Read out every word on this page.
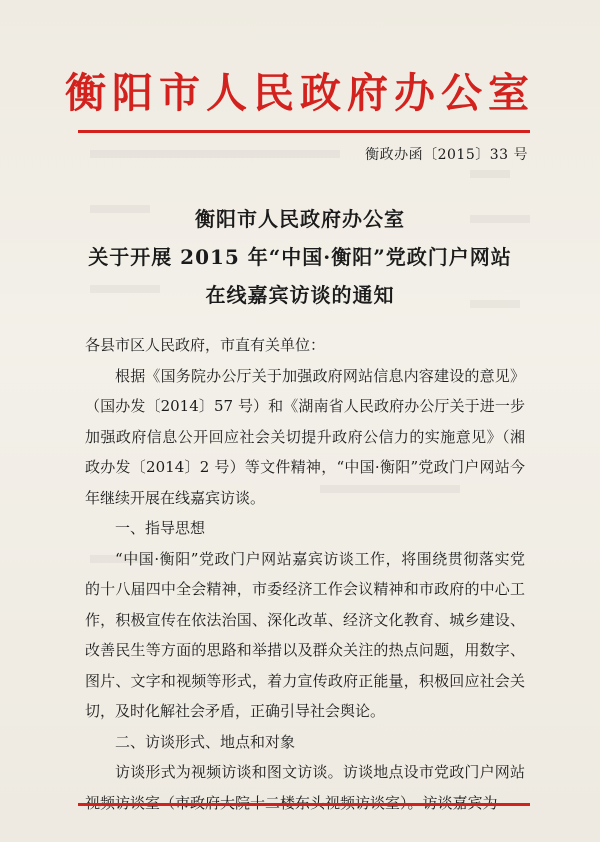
衡阳市人民政府办公室
衡政办函〔2015〕33 号
衡阳市人民政府办公室
关于开展 2015 年“中国·衡阳”党政门户网站
在线嘉宾访谈的通知

各县市区人民政府，市直有关单位：

根据《国务院办公厅关于加强政府网站信息内容建设的意见》（国办发〔2014〕57 号）和《湖南省人民政府办公厅关于进一步加强政府信息公开回应社会关切提升政府公信力的实施意见》（湘政办发〔2014〕2 号）等文件精神，“中国·衡阳”党政门户网站今年继续开展在线嘉宾访谈。

一、指导思想

“中国·衡阳”党政门户网站嘉宾访谈工作，将围绕贯彻落实党的十八届四中全会精神，市委经济工作会议精神和市政府的中心工作，积极宣传在依法治国、深化改革、经济文化教育、城乡建设、改善民生等方面的思路和举措以及群众关注的热点问题，用数字、图片、文字和视频等形式，着力宣传政府正能量，积极回应社会关切，及时化解社会矛盾，正确引导社会舆论。

二、访谈形式、地点和对象

访谈形式为视频访谈和图文访谈。访谈地点设市党政门户网站
